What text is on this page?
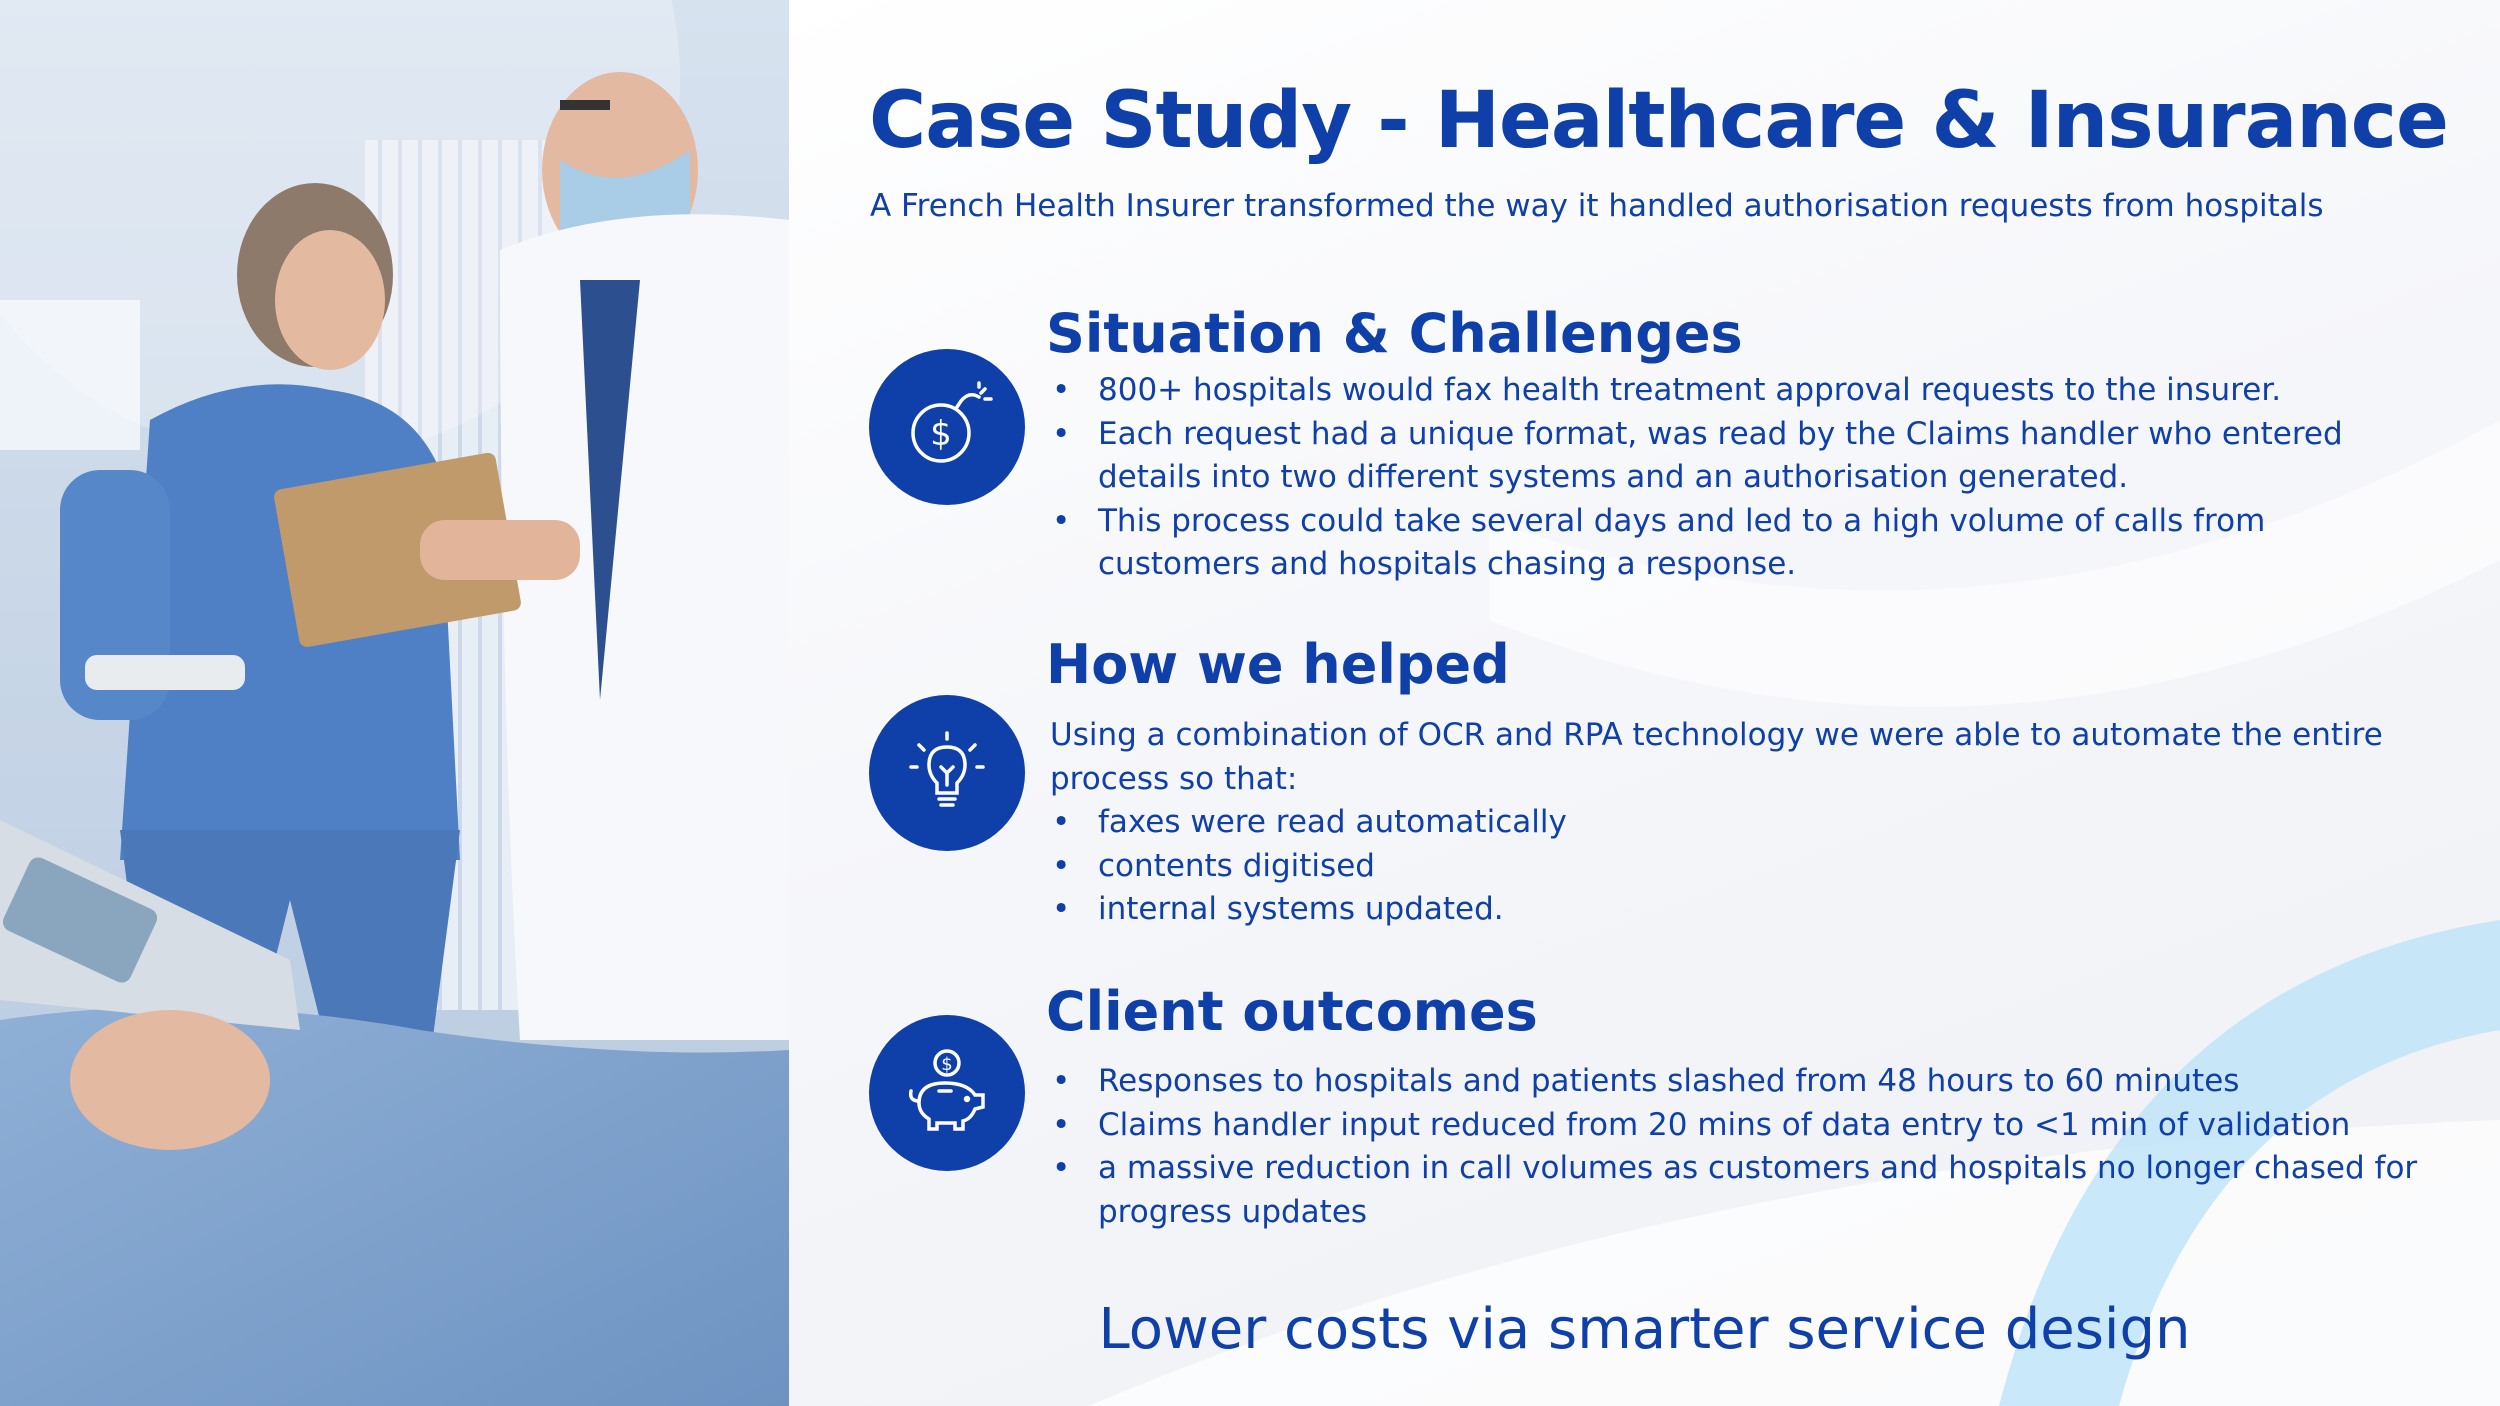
Case Study - Healthcare & Insurance

A French Health Insurer transformed the way it handled authorisation requests from hospitals

$
Situation & Challenges
• 800+ hospitals would fax health treatment approval requests to the insurer.
• Each request had a unique format, was read by the Claims handler who entered details into two different systems and an authorisation generated.
• This process could take several days and led to a high volume of calls from customers and hospitals chasing a response.
How we helped

Using a combination of OCR and RPA technology we were able to automate the entire process so that:

• faxes were read automatically
• contents digitised
• internal systems updated.
$
Client outcomes
• Responses to hospitals and patients slashed from 48 hours to 60 minutes
• Claims handler input reduced from 20 mins of data entry to <1 min of validation
• a massive reduction in call volumes as customers and hospitals no longer chased for progress updates
Lower costs via smarter service design
